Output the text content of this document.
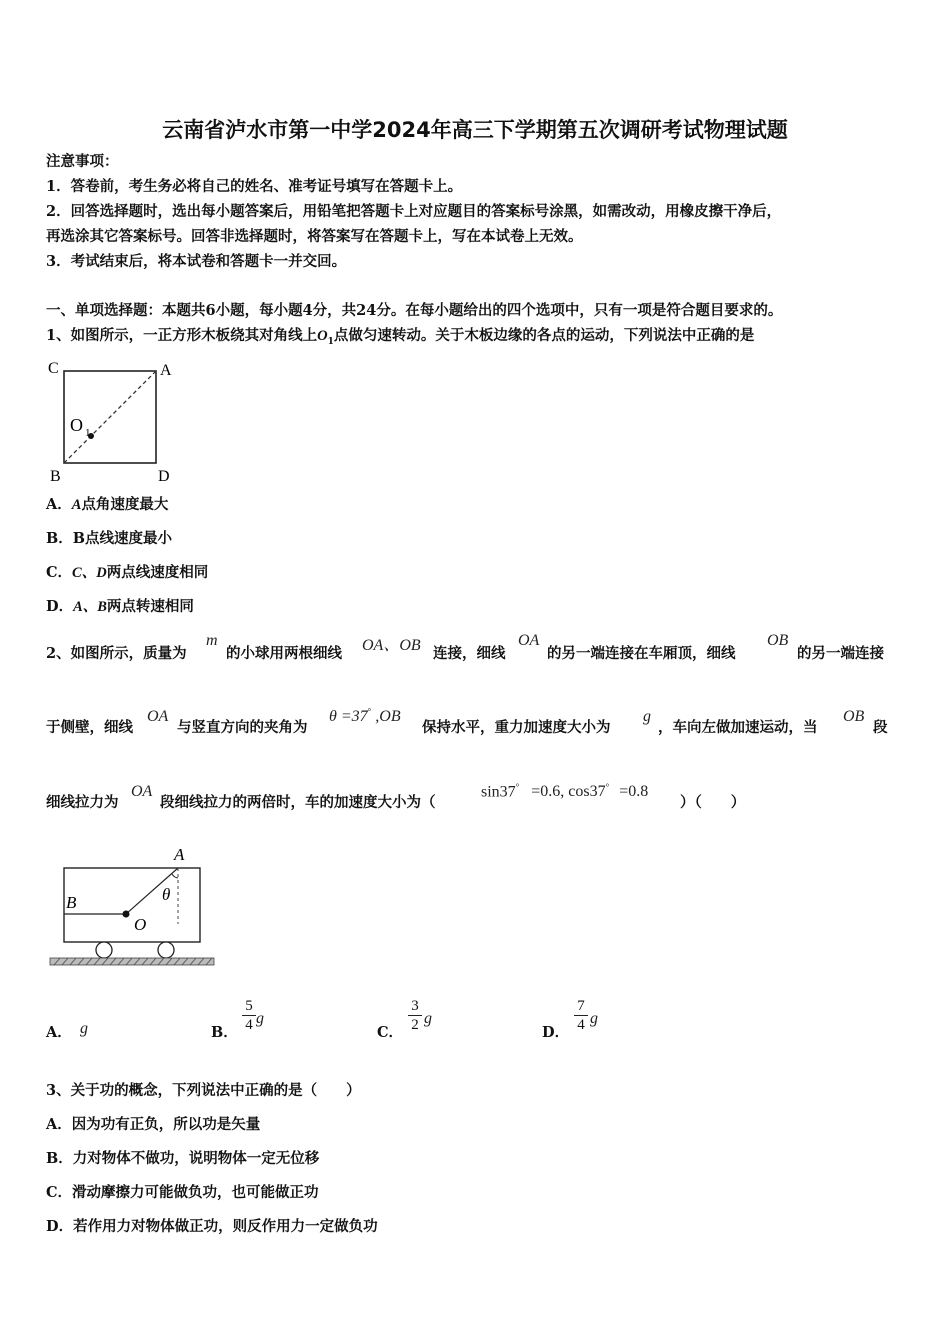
云南省泸水市第一中学2024年高三下学期第五次调研考试物理试题
注意事项：
1．答卷前，考生务必将自己的姓名、准考证号填写在答题卡上。
2．回答选择题时，选出每小题答案后，用铅笔把答题卡上对应题目的答案标号涂黑，如需改动，用橡皮擦干净后，
再选涂其它答案标号。回答非选择题时，将答案写在答题卡上，写在本试卷上无效。
3．考试结束后，将本试卷和答题卡一并交回。
一、单项选择题：本题共6小题，每小题4分，共24分。在每小题给出的四个选项中，只有一项是符合题目要求的。
1、如图所示，一正方形木板绕其对角线上$O_1$点做匀速转动。关于木板边缘的各点的运动，下列说法中正确的是
C	A
B	D
O 1
A．A点角速度最大
B．B点线速度最小
C．C、D两点线速度相同
D．A、B两点转速相同
2、如图所示，质量为
m
的小球用两根细线 OA、OB 连接，细线
OA
的另一端连接在车厢顶，细线
OB
的另一端连接
于侧壁，细线
OA
与竖直方向的夹角为
θ =37° ,OB
保持水平，重力加速度大小为
g
，车向左做加速运动，当
OB
段
细线拉力为
OA
段细线拉力的两倍时，车的加速度大小为（
sin37° =0.6, cos37° =0.8
）（　　）
A
B
O
θ
A． g	B．
5
4 g
C．
3
2 g
D．
7
4 g
3、关于功的概念，下列说法中正确的是（　　）
A．因为功有正负，所以功是矢量
B．力对物体不做功，说明物体一定无位移
C．滑动摩擦力可能做负功，也可能做正功
D．若作用力对物体做正功，则反作用力一定做负功
